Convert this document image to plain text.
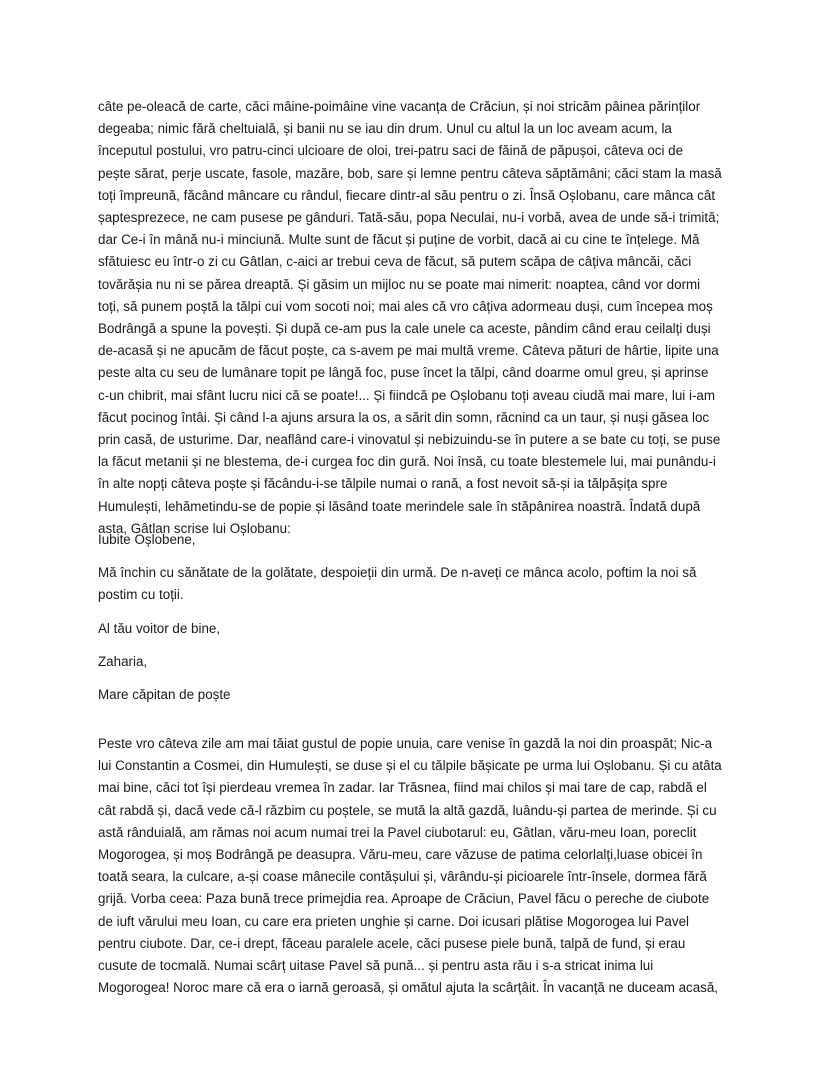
câte pe-oleacă de carte, căci mâine-poimâine vine vacanța de Crăciun, și noi stricăm pâinea părinților
degeaba; nimic fără cheltuială, și banii nu se iau din drum. Unul cu altul la un loc aveam acum, la
începutul postului, vro patru-cinci ulcioare de oloi, trei-patru saci de făină de păpușoi, câteva oci de
pește sărat, perje uscate, fasole, mazăre, bob, sare și lemne pentru câteva săptămâni; căci stam la masă
toți împreună, făcând mâncare cu rândul, fiecare dintr-al său pentru o zi. Însă Oșlobanu, care mânca cât
șaptesprezece, ne cam pusese pe gânduri. Tată-său, popa Neculai, nu-i vorbă, avea de unde să-i trimită;
dar Ce-i în mână nu-i minciună. Multe sunt de făcut și puține de vorbit, dacă ai cu cine te înțelege. Mă
sfătuiesc eu într-o zi cu Gâtlan, c-aici ar trebui ceva de făcut, să putem scăpa de câțiva mâncăi, căci
tovărășia nu ni se părea dreaptă. Și găsim un mijloc nu se poate mai nimerit: noaptea, când vor dormi
toți, să punem poștă la tălpi cui vom socoti noi; mai ales că vro câțiva adormeau duși, cum începea moș
Bodrângă a spune la povești. Și după ce-am pus la cale unele ca aceste, pândim când erau ceilalți duși
de-acasă și ne apucăm de făcut poște, ca s-avem pe mai multă vreme. Câteva pături de hârtie, lipite una
peste alta cu seu de lumânare topit pe lângă foc, puse încet la tălpi, când doarme omul greu, și aprinse
c-un chibrit, mai sfânt lucru nici că se poate!... Și fiindcă pe Oșlobanu toți aveau ciudă mai mare, lui i-am
făcut pocinog întâi. Și când l-a ajuns arsura la os, a sărit din somn, răcnind ca un taur, și nuși găsea loc
prin casă, de usturime. Dar, neaflând care-i vinovatul și nebizuindu-se în putere a se bate cu toți, se puse
la făcut metanii și ne blestema, de-i curgea foc din gură. Noi însă, cu toate blestemele lui, mai punându-i
în alte nopți câteva poște și făcându-i-se tălpile numai o rană, a fost nevoit să-și ia tălpășița spre
Humulești, lehămetindu-se de popie și lăsând toate merindele sale în stăpânirea noastră. Îndată după
asta, Gâtlan scrise lui Oșlobanu:

Iubite Oșlobene,

Mă închin cu sănătate de la golătate, despoieții din urmă. De n-aveți ce mânca acolo, poftim la noi să
postim cu toții.

Al tău voitor de bine,

Zaharia,

Mare căpitan de poște

Peste vro câteva zile am mai tăiat gustul de popie unuia, care venise în gazdă la noi din proaspăt; Nic-a
lui Constantin a Cosmei, din Humulești, se duse și el cu tălpile bășicate pe urma lui Oșlobanu. Și cu atâta
mai bine, căci tot își pierdeau vremea în zadar. Iar Trăsnea, fiind mai chilos și mai tare de cap, rabdă el
cât rabdă și, dacă vede că-l răzbim cu poștele, se mută la altă gazdă, luându-și partea de merinde. Și cu
astă rânduială, am rămas noi acum numai trei la Pavel ciubotarul: eu, Gâtlan, văru-meu Ioan, poreclit
Mogorogea, și moș Bodrângă pe deasupra. Văru-meu, care văzuse de patima celorlalți,luase obicei în
toată seara, la culcare, a-și coase mânecile contășului și, vârându-și picioarele într-însele, dormea fără
grijă. Vorba ceea: Paza bună trece primejdia rea. Aproape de Crăciun, Pavel făcu o pereche de ciubote
de iuft vărului meu Ioan, cu care era prieten unghie și carne. Doi icusari plătise Mogorogea lui Pavel
pentru ciubote. Dar, ce-i drept, făceau paralele acele, căci pusese piele bună, talpă de fund, și erau
cusute de tocmală. Numai scârț uitase Pavel să pună... și pentru asta rău i s-a stricat inima lui
Mogorogea! Noroc mare că era o iarnă geroasă, și omătul ajuta la scârțâit. În vacanță ne duceam acasă,
